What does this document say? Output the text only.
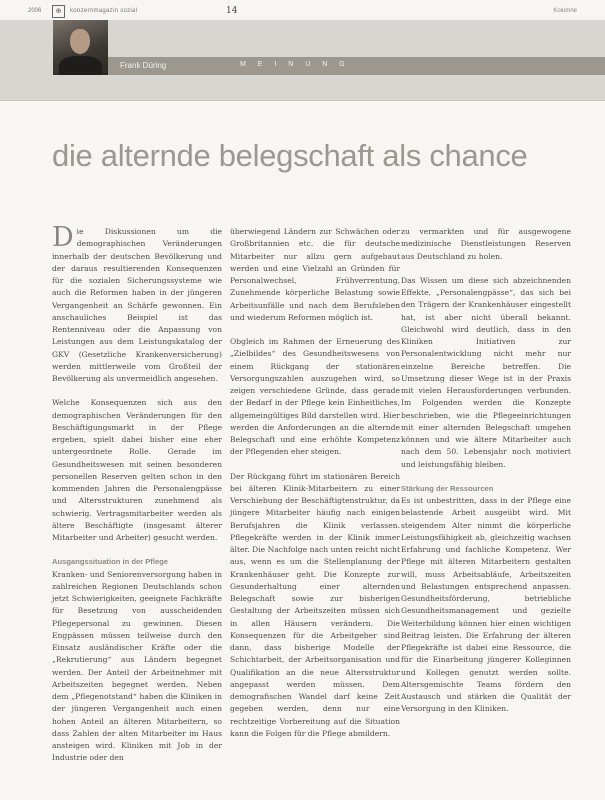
2006	⊕	konzernmagazin sozial	14	Kolumne
Frank Düring	M E I N U N G
die alternde belegschaft als chance

Die Diskussionen um die demographischen Veränderungen innerhalb der deutschen Bevölkerung und der daraus resultierenden Konsequenzen für die sozialen Sicherungssysteme wie auch die Reformen haben in der jüngeren Vergangenheit an Schärfe gewonnen. Ein anschauliches Beispiel ist das Rentenniveau oder die Anpassung von Leistungen aus dem Leistungskatalog der GKV (Gesetzliche Krankenversicherung) werden mittlerweile vom Großteil der Bevölkerung als unvermeidlich angesehen.

Welche Konsequenzen sich aus den demographischen Veränderungen für den Beschäftigungsmarkt in der Pflege ergeben, spielt dabei bisher eine eher untergeordnete Rolle. Gerade im Gesundheitswesen mit seinen besonderen personellen Reserven gelten schon in den kommenden Jahren die Personalengpässe und Altersstrukturen zunehmend als schwierig. Vertragsmitarbeiter werden als ältere Beschäftigte (insgesamt älterer Mitarbeiter und Arbeiter) gesucht werden.

Ausgangssituation in der Pflege

Kranken- und Seniorenversorgung haben in zahlreichen Regionen Deutschlands schon jetzt Schwierigkeiten, geeignete Fachkräfte für Besetzung von ausscheidenden Pflegepersonal zu gewinnen. Diesen Engpässen müssen teilweise durch den Einsatz ausländischer Kräfte oder die „Rekrutierung“ aus Ländern begegnet werden. Der Anteil der Arbeitnehmer mit Arbeitszeiten begegnet werden. Neben dem „Pflegenotstand“ haben die Kliniken in der jüngeren Vergangenheit auch einen hohen Anteil an älteren Mitarbeitern, so dass Zahlen der alten Mitarbeiter im Haus ansteigen wird. Kliniken mit Job in der Industrie oder den

überwiegend Ländern zur Schwächen oder Großbritannien etc. die für deutsche Mitarbeiter nur allzu gern aufgebaut werden und eine Vielzahl an Gründen für Personalwechsel, Frühverrentung, Zunehmende körperliche Belastung sowie Arbeitsunfälle und nach dem Berufsleben und wiederum Reformen möglich ist.

Obgleich im Rahmen der Erneuerung des „Zielbildes“ des Gesundheitswesens von einem Rückgang der stationären Versorgungszahlen auszugehen wird, so zeigen verschiedene Gründe, dass gerade der Bedarf in der Pflege kein Einheitliches, allgemeingültiges Bild darstellen wird. Hier werden die Anforderungen an die alternde Belegschaft und eine erhöhte Kompetenz der Pflegenden eher steigen.

Der Rückgang führt im stationären Bereich bei älteren Klinik-Mitarbeitern zu einer Verschiebung der Beschäftigtenstruktur, da jüngere Mitarbeiter häufig nach einigen Berufsjahren die Klinik verlassen. Pflegekräfte werden in der Klinik immer älter. Die Nachfolge nach unten reicht nicht aus, wenn es um die Stellenplanung der Krankenhäuser geht. Die Konzepte zur Gesunderhaltung einer alternden Belegschaft sowie zur bisherigen Gestaltung der Arbeitszeiten müssen sich in allen Häusern verändern. Die Konsequenzen für die Arbeitgeber sind dann, dass bisherige Modelle der Schichtarbeit, der Arbeitsorganisation und Qualifikation an die neue Altersstruktur angepasst werden müssen. Dem demografischen Wandel darf keine Zeit gegeben werden, denn nur eine rechtzeitige Vorbereitung auf die Situation kann die Folgen für die Pflege abmildern.

zu vermarkten und für ausgewogene medizinische Dienstleistungen Reserven aus Deutschland zu holen.

Das Wissen um diese sich abzeichnenden Effekte, „Personalengpässe“, das sich bei den Trägern der Krankenhäuser eingestellt hat, ist aber nicht überall bekannt. Gleichwohl wird deutlich, dass in den Kliniken Initiativen zur Personalentwicklung nicht mehr nur einzelne Bereiche betreffen. Die Umsetzung dieser Wege ist in der Praxis mit vielen Herausforderungen verbunden. Im Folgenden werden die Konzepte beschrieben, wie die Pflegeeinrichtungen mit einer alternden Belegschaft umgehen können und wie ältere Mitarbeiter auch nach dem 50. Lebensjahr noch motiviert und leistungsfähig bleiben.

Stärkung der Ressourcen

Es ist unbestritten, dass in der Pflege eine belastende Arbeit ausgeübt wird. Mit steigendem Alter nimmt die körperliche Leistungsfähigkeit ab, gleichzeitig wachsen Erfahrung und fachliche Kompetenz. Wer Pflege mit älteren Mitarbeitern gestalten will, muss Arbeitsabläufe, Arbeitszeiten und Belastungen entsprechend anpassen. Gesundheitsförderung, betriebliche Gesundheitsmanagement und gezielte Weiterbildung können hier einen wichtigen Beitrag leisten. Die Erfahrung der älteren Pflegekräfte ist dabei eine Ressource, die für die Einarbeitung jüngerer Kolleginnen und Kollegen genutzt werden sollte. Altersgemischte Teams fördern den Austausch und stärken die Qualität der Versorgung in den Kliniken.
